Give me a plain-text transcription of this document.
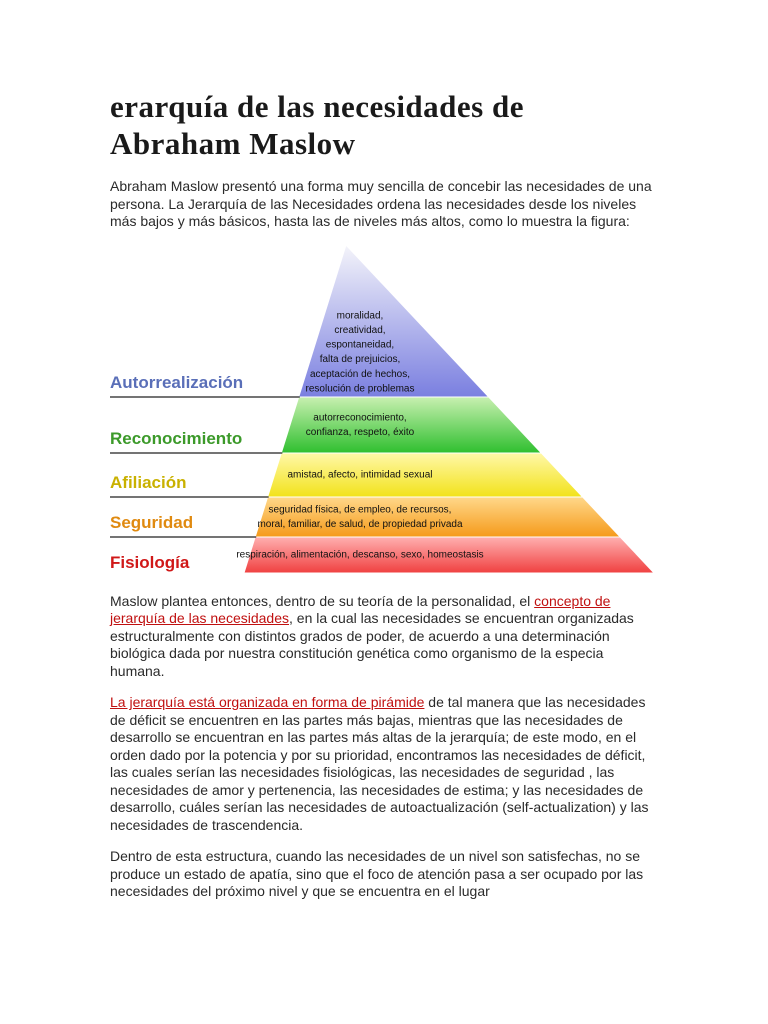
erarquía de las necesidades de
Abraham Maslow

Abraham Maslow presentó una forma muy sencilla de concebir las necesidades de una persona. La Jerarquía de las Necesidades ordena las necesidades desde los niveles más bajos y más básicos, hasta las de niveles más altos, como lo muestra la figura:

moralidad,
creatividad,
espontaneidad,
falta de prejuicios,
aceptación de hechos,
resolución de problemas
autorreconocimiento,
confianza, respeto, éxito
amistad, afecto, intimidad sexual
seguridad física, de empleo, de recursos,
moral, familiar, de salud, de propiedad privada
respiración, alimentación, descanso, sexo, homeostasis
Autorrealización
Reconocimiento
Afiliación
Seguridad
Fisiología

Maslow plantea entonces, dentro de su teoría de la personalidad, el concepto de jerarquía de las necesidades, en la cual las necesidades se encuentran organizadas estructuralmente con distintos grados de poder, de acuerdo a una determinación biológica dada por nuestra constitución genética como organismo de la especia humana.

La jerarquía está organizada en forma de pirámide de tal manera que las necesidades de déficit se encuentren en las partes más bajas, mientras que las necesidades de desarrollo se encuentran en las partes más altas de la jerarquía; de este modo, en el orden dado por la potencia y por su prioridad, encontramos las necesidades de déficit, las cuales serían las necesidades fisiológicas, las necesidades de seguridad , las necesidades de amor y pertenencia, las necesidades de estima; y las necesidades de desarrollo, cuáles serían las necesidades de autoactualización (self-actualization) y las necesidades de trascendencia.

Dentro de esta estructura, cuando las necesidades de un nivel son satisfechas, no se produce un estado de apatía, sino que el foco de atención pasa a ser ocupado por las necesidades del próximo nivel y que se encuentra en el lugar
